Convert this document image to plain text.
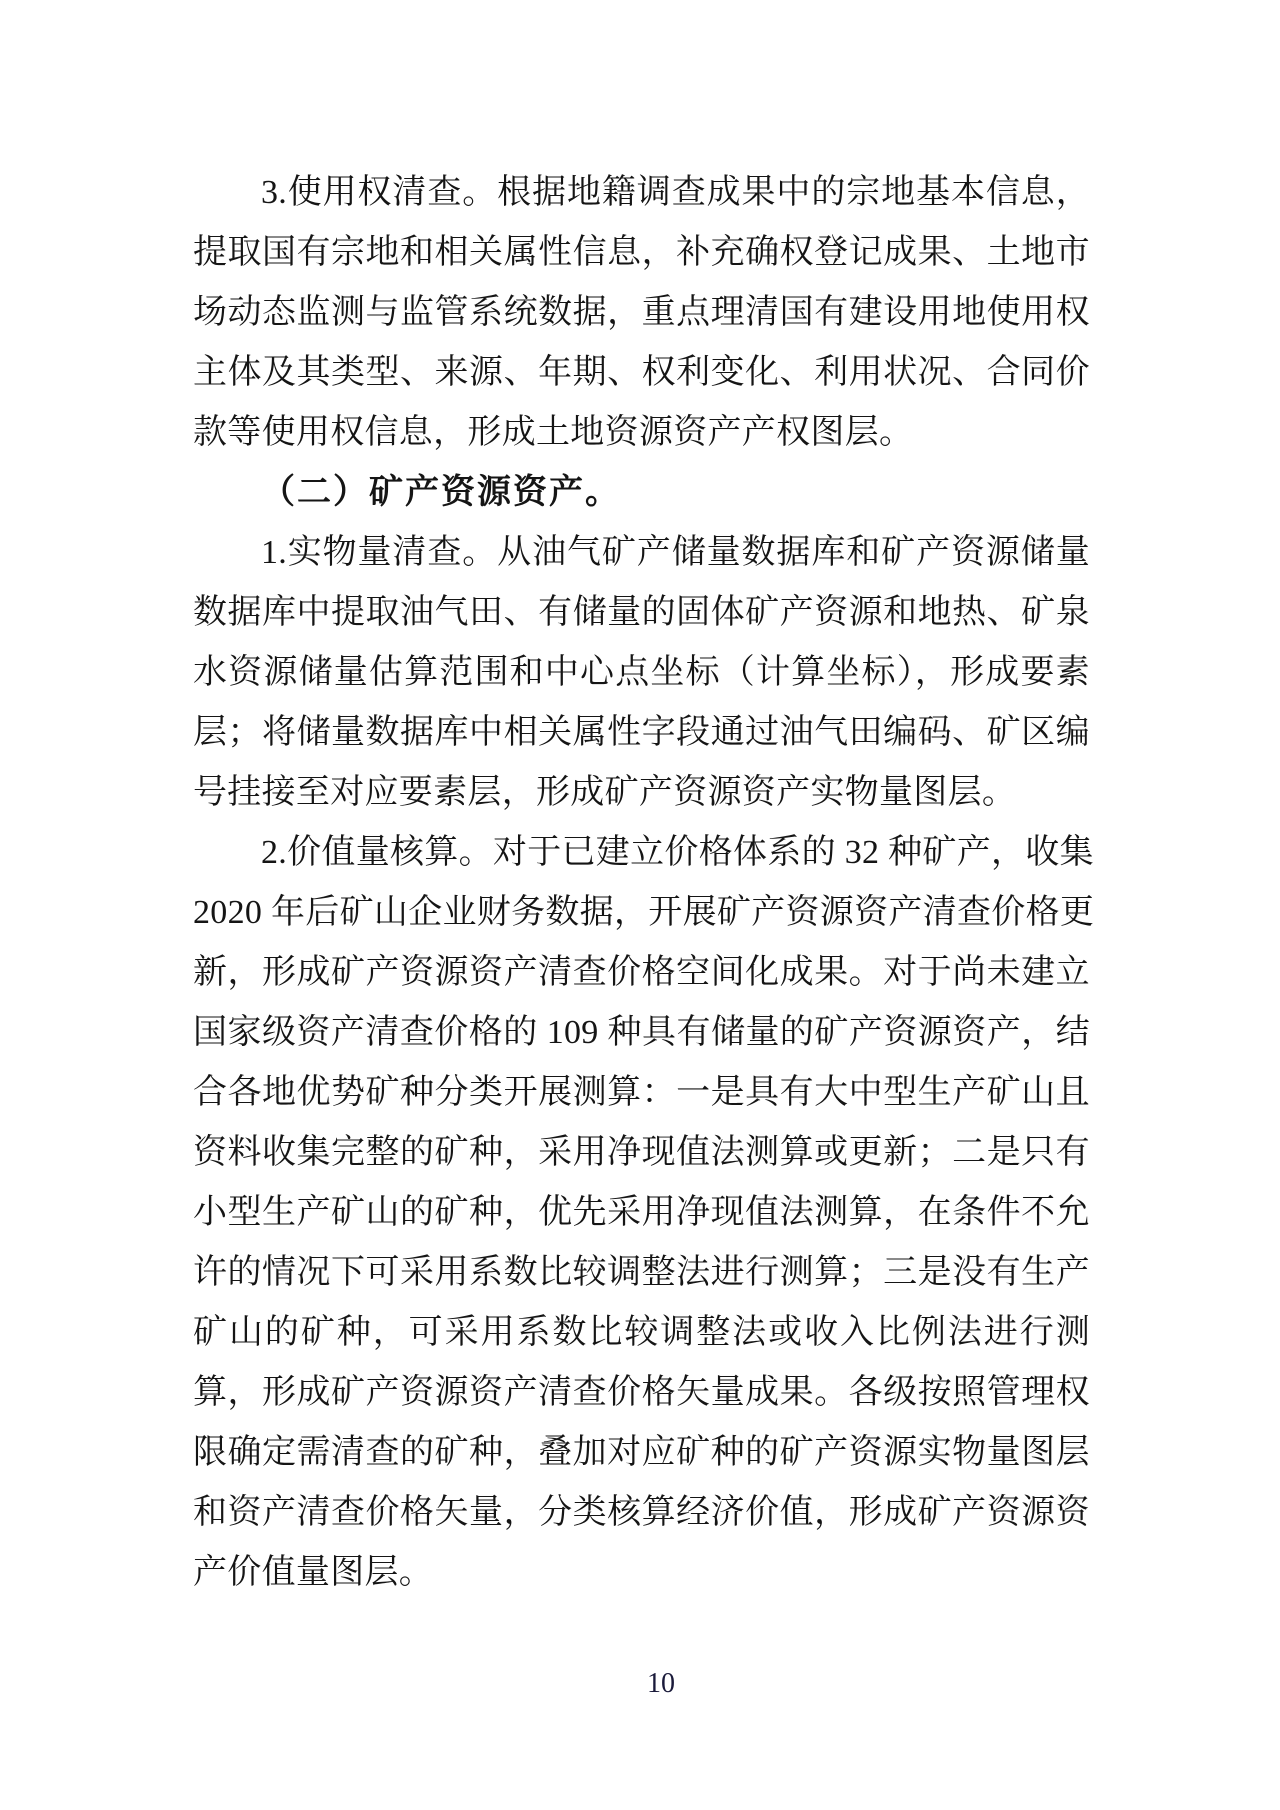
3.使用权清查。根据地籍调查成果中的宗地基本信息，
提取国有宗地和相关属性信息，补充确权登记成果、土地市
场动态监测与监管系统数据，重点理清国有建设用地使用权
主体及其类型、来源、年期、权利变化、利用状况、合同价
款等使用权信息，形成土地资源资产产权图层。
（二）矿产资源资产。
1.实物量清查。从油气矿产储量数据库和矿产资源储量
数据库中提取油气田、有储量的固体矿产资源和地热、矿泉
水资源储量估算范围和中心点坐标（计算坐标），形成要素
层；将储量数据库中相关属性字段通过油气田编码、矿区编
号挂接至对应要素层，形成矿产资源资产实物量图层。
2.价值量核算。对于已建立价格体系的 32 种矿产，收集
2020 年后矿山企业财务数据，开展矿产资源资产清查价格更
新，形成矿产资源资产清查价格空间化成果。对于尚未建立
国家级资产清查价格的 109 种具有储量的矿产资源资产，结
合各地优势矿种分类开展测算：一是具有大中型生产矿山且
资料收集完整的矿种，采用净现值法测算或更新；二是只有
小型生产矿山的矿种，优先采用净现值法测算，在条件不允
许的情况下可采用系数比较调整法进行测算；三是没有生产
矿山的矿种，可采用系数比较调整法或收入比例法进行测
算，形成矿产资源资产清查价格矢量成果。各级按照管理权
限确定需清查的矿种，叠加对应矿种的矿产资源实物量图层
和资产清查价格矢量，分类核算经济价值，形成矿产资源资
产价值量图层。
10
